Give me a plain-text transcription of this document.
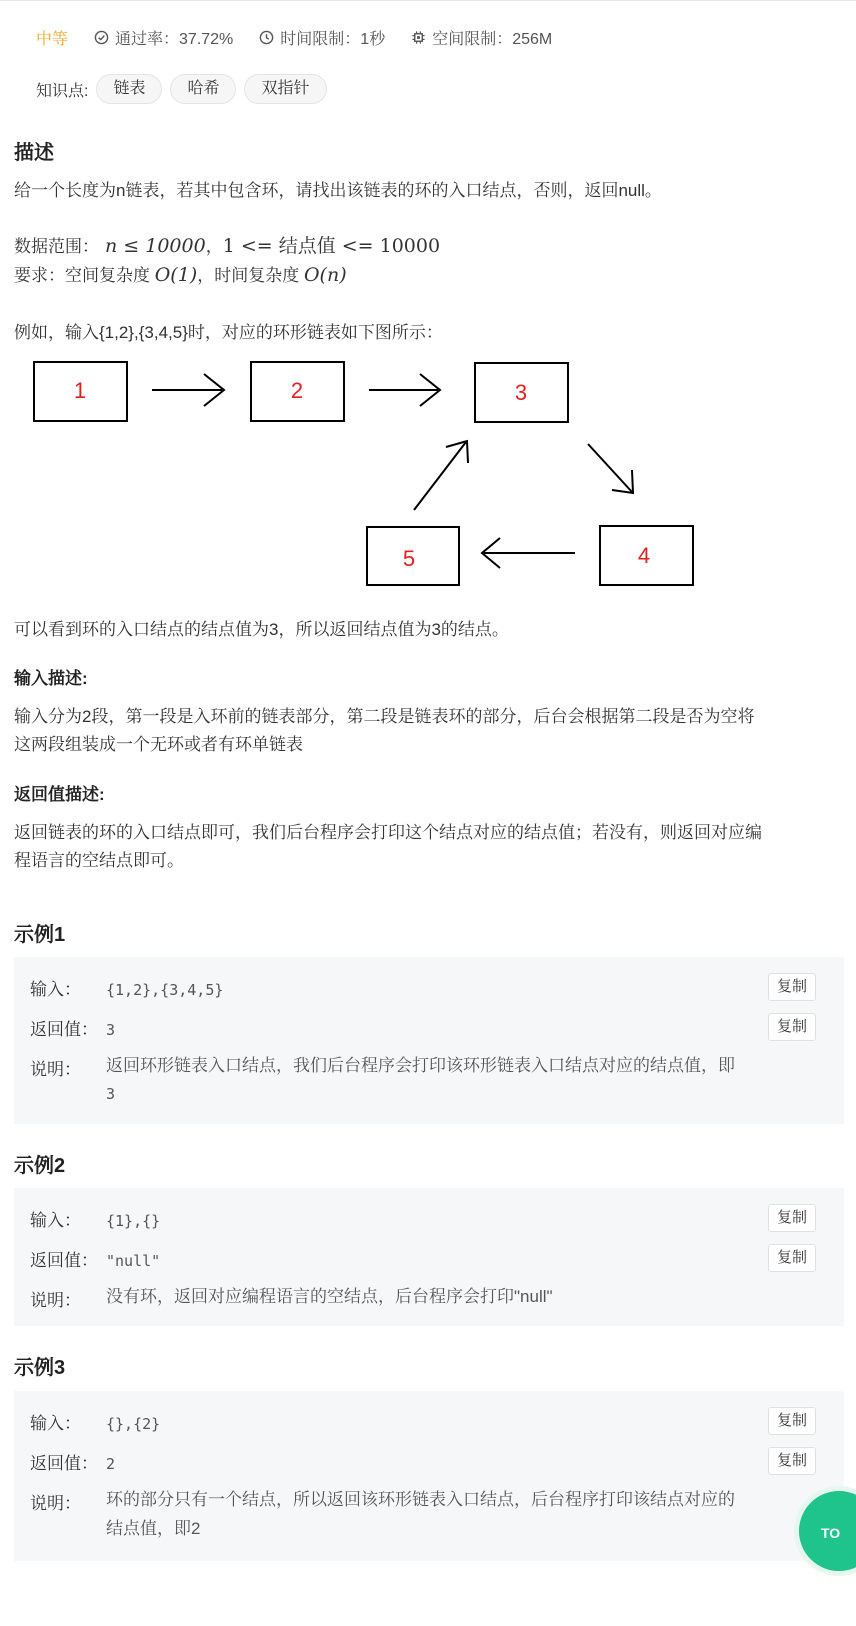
中等	通过率：37.72%	时间限制：1秒	空间限制：256M
知识点:	链表	哈希	双指针
描述
给一个长度为n链表，若其中包含环，请找出该链表的环的入口结点，否则，返回null。
数据范围： n ≤ 10000，1 <= 结点值 <= 10000
要求：空间复杂度 O(1)，时间复杂度 O(n)
例如，输入{1,2},{3,4,5}时，对应的环形链表如下图所示：
1	2	3
4
5
可以看到环的入口结点的结点值为3，所以返回结点值为3的结点。
输入描述:
输入分为2段，第一段是入环前的链表部分，第二段是链表环的部分，后台会根据第二段是否为空将
这两段组装成一个无环或者有环单链表
返回值描述:
返回链表的环的入口结点即可，我们后台程序会打印这个结点对应的结点值；若没有，则返回对应编
程语言的空结点即可。
示例1
输入： {1,2},{3,4,5}	复制
返回值： 3	复制
说明：	返回环形链表入口结点，我们后台程序会打印该环形链表入口结点对应的结点值，即
3
示例2
输入： {1},{}	复制
返回值： "null"	复制
说明：	没有环，返回对应编程语言的空结点，后台程序会打印"null"
示例3
输入： {},{2}	复制
返回值： 2	复制
说明：	环的部分只有一个结点，所以返回该环形链表入口结点，后台程序打印该结点对应的
结点值，即2	TO
